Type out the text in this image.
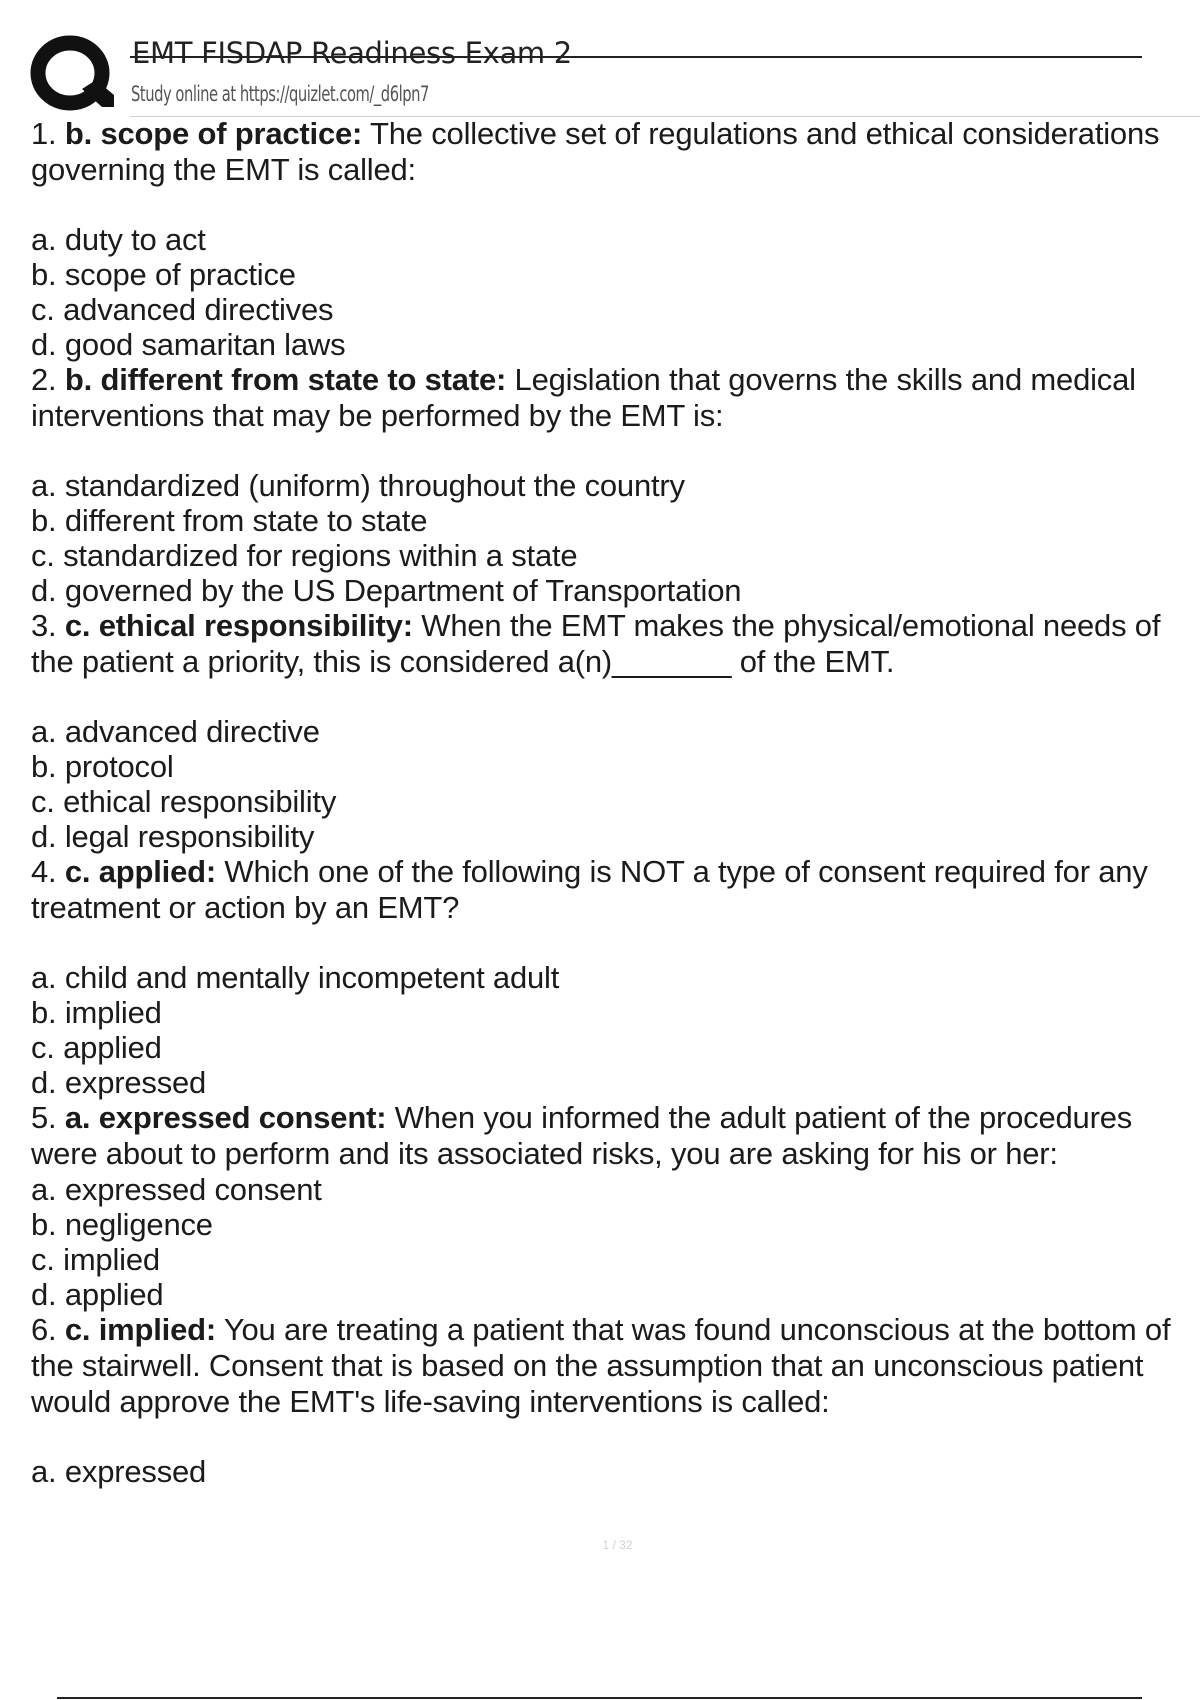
EMT FISDAP Readiness Exam 2
Study online at https://quizlet.com/_d6lpn7
1. b. scope of practice: The collective set of regulations and ethical considerations
governing the EMT is called:
a. duty to act
b. scope of practice
c. advanced directives
d. good samaritan laws
2. b. different from state to state: Legislation that governs the skills and medical
interventions that may be performed by the EMT is:
a. standardized (uniform) throughout the country
b. different from state to state
c. standardized for regions within a state
d. governed by the US Department of Transportation
3. c. ethical responsibility: When the EMT makes the physical/emotional needs of
the patient a priority, this is considered a(n)_______ of the EMT.
a. advanced directive
b. protocol
c. ethical responsibility
d. legal responsibility
4. c. applied: Which one of the following is NOT a type of consent required for any
treatment or action by an EMT?
a. child and mentally incompetent adult
b. implied
c. applied
d. expressed
5. a. expressed consent: When you informed the adult patient of the procedures
were about to perform and its associated risks, you are asking for his or her:
a. expressed consent
b. negligence
c. implied
d. applied
6. c. implied: You are treating a patient that was found unconscious at the bottom of
the stairwell. Consent that is based on the assumption that an unconscious patient
would approve the EMT's life-saving interventions is called:
a. expressed
1 / 32
